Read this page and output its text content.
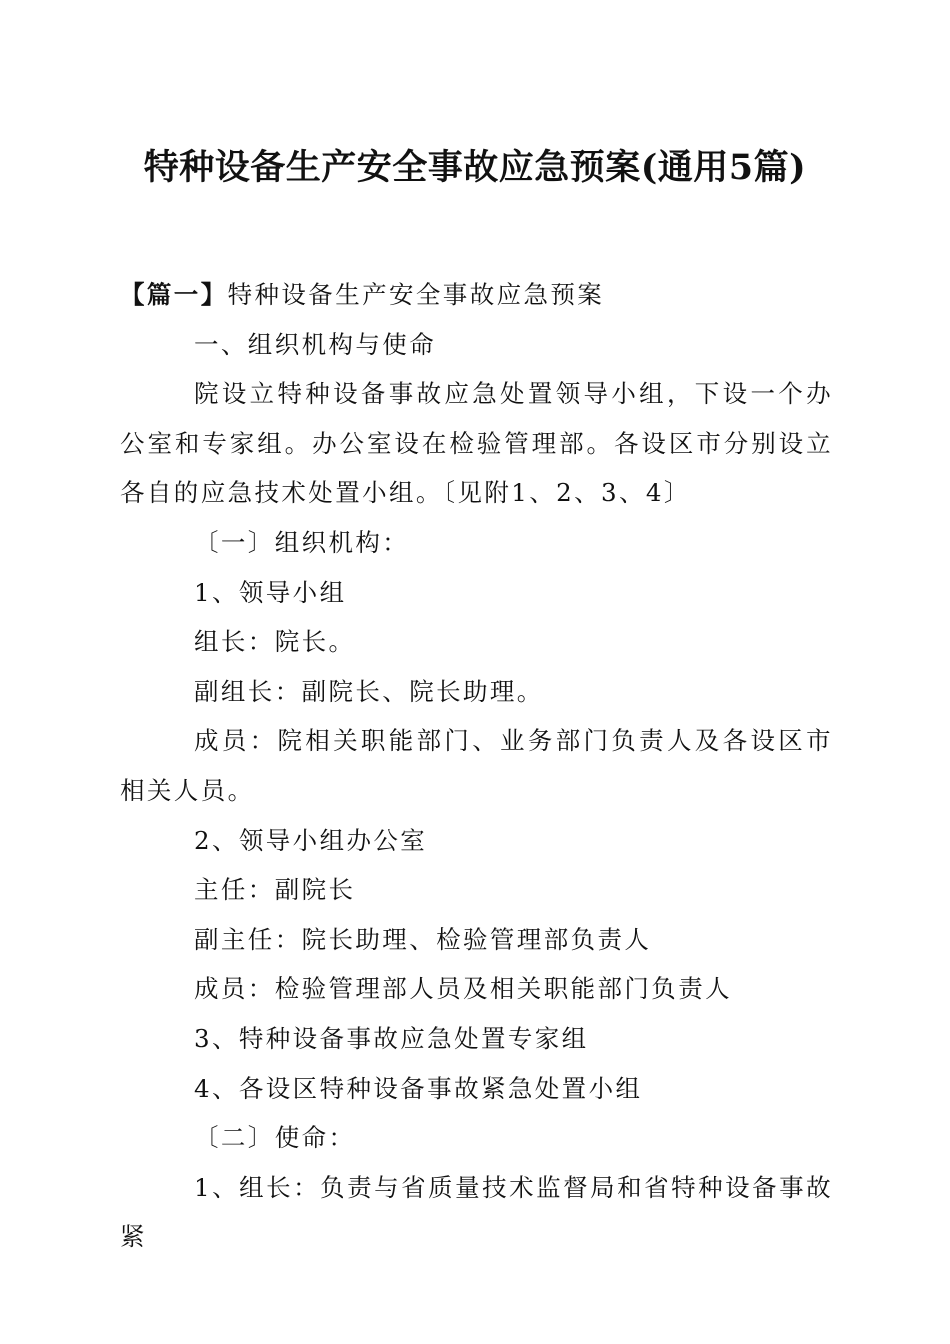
特种设备生产安全事故应急预案(通用5篇)

【篇一】特种设备生产安全事故应急预案

一、组织机构与使命

院设立特种设备事故应急处置领导小组，下设一个办公室和专家组。办公室设在检验管理部。各设区市分别设立各自的应急技术处置小组。〔见附1、2、3、4〕

〔一〕组织机构：

1、领导小组

组长：院长。

副组长：副院长、院长助理。

成员：院相关职能部门、业务部门负责人及各设区市相关人员。

2、领导小组办公室

主任：副院长

副主任：院长助理、检验管理部负责人

成员：检验管理部人员及相关职能部门负责人

3、特种设备事故应急处置专家组

4、各设区特种设备事故紧急处置小组

〔二〕使命：

1、组长：负责与省质量技术监督局和省特种设备事故紧
